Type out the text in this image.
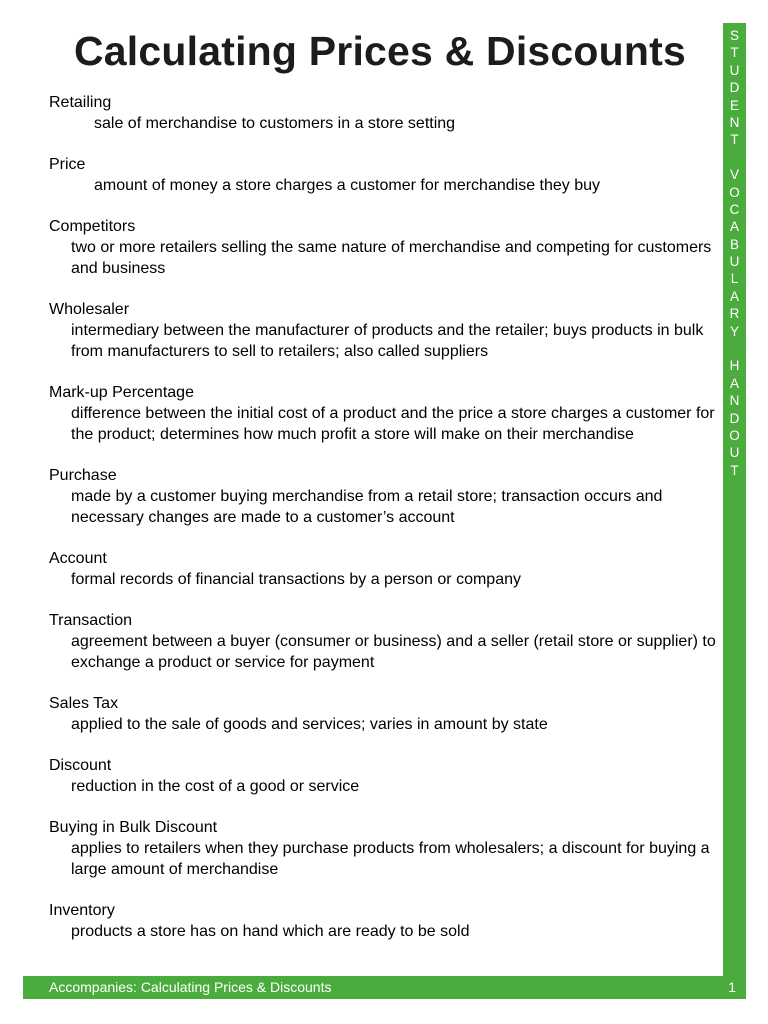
Calculating Prices & Discounts

Retailing

sale of merchandise to customers in a store setting

Price

amount of money a store charges a customer for merchandise they buy

Competitors

two or more retailers selling the same nature of merchandise and competing for customers and business

Wholesaler

intermediary between the manufacturer of products and the retailer; buys products in bulk from manufacturers to sell to retailers; also called suppliers

Mark-up Percentage

difference between the initial cost of a product and the price a store charges a customer for the product; determines how much profit a store will make on their merchandise

Purchase

made by a customer buying merchandise from a retail store; transaction occurs and necessary changes are made to a customer’s account

Account

formal records of financial transactions by a person or company

Transaction

agreement between a buyer (consumer or business) and a seller (retail store or supplier) to exchange a product or service for payment

Sales Tax

applied to the sale of goods and services; varies in amount by state

Discount

reduction in the cost of a good or service

Buying in Bulk Discount

applies to retailers when they purchase products from wholesalers; a discount for buying a large amount of merchandise

Inventory

products a store has on hand which are ready to be sold

S
T
U
D
E
N
T

V
O
C
A
B
U
L
A
R
Y

H
A
N
D
O
U
T
Accompanies: Calculating Prices & Discounts	1
